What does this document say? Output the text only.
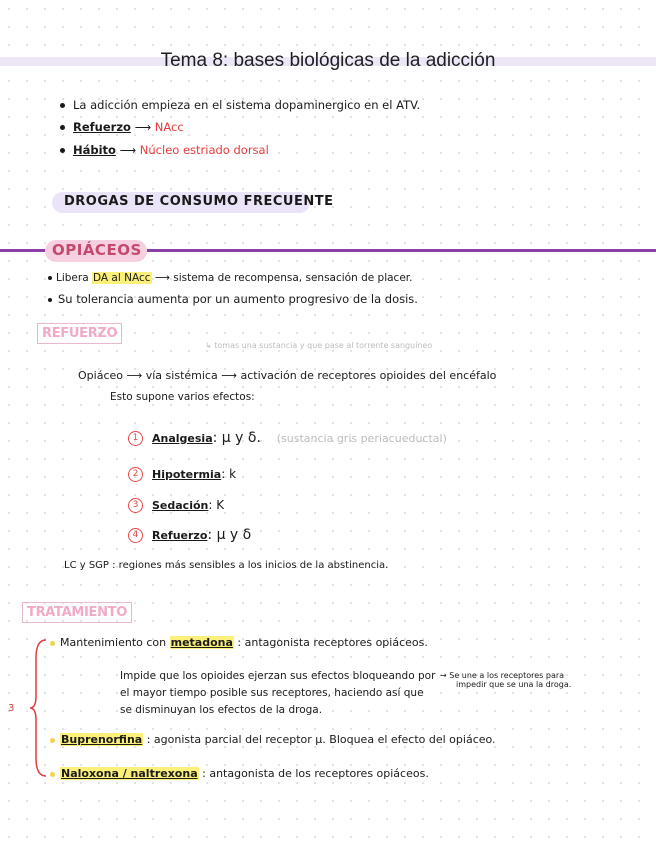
Tema 8: bases biológicas de la adicción
La adicción empieza en el sistema dopaminergico en el ATV.
Refuerzo ⟶ NAcc
Hábito ⟶ Núcleo estriado dorsal
DROGAS DE CONSUMO FRECUENTE
OPIÁCEOS
Libera DA al NAcc ⟶ sistema de recompensa, sensación de placer.
Su tolerancia aumenta por un aumento progresivo de la dosis.
REFUERZO
↳ tomas una sustancia y que pase al torrente sanguíneo
Opiáceo ⟶ vía sistémica ⟶ activación de receptores opioides del encéfalo
Esto supone varios efectos:
1 Analgesia: μ y δ. (sustancia gris periacueductal)
2 Hipotermia: k
3 Sedación: K
4 Refuerzo: μ y δ
LC y SGP : regiones más sensibles a los inicios de la abstinencia.
TRATAMIENTO
3
Mantenimiento con metadona : antagonista receptores opiáceos.
Impide que los opioides ejerzan sus efectos bloqueando por
el mayor tiempo posible sus receptores, haciendo así que
se disminuyan los efectos de la droga.
→ Se une a los receptores para
impedir que se una la droga.
Buprenorfina : agonista parcial del receptor μ. Bloquea el efecto del opiáceo.
Naloxona / naltrexona : antagonista de los receptores opiáceos.
